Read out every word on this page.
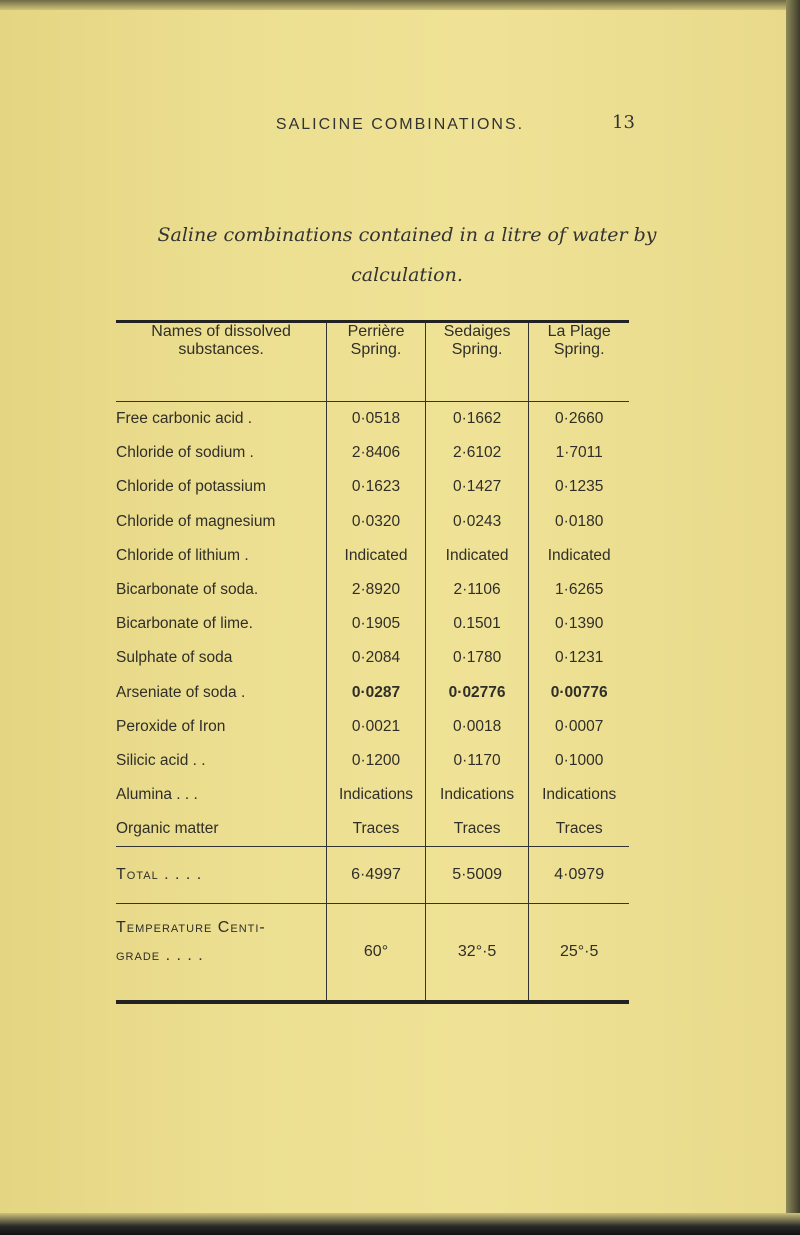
SALICINE COMBINATIONS.	13
Saline combinations contained in a litre of water by
calculation.
Names of dissolved substances.	Perrière Spring.	Sedaiges Spring.	La Plage Spring.
Free carbonic acid .	0·0518	0·1662	0·2660
Chloride of sodium .	2·8406	2·6102	1·7011
Chloride of potassium	0·1623	0·1427	0·1235
Chloride of magnesium	0·0320	0·0243	0·0180
Chloride of lithium .	Indicated	Indicated	Indicated
Bicarbonate of soda.	2·8920	2·1106	1·6265
Bicarbonate of lime.	0·1905	0.1501	0·1390
Sulphate of soda	0·2084	0·1780	0·1231
Arseniate of soda .	0·0287	0·02776	0·00776
Peroxide of Iron	0·0021	0·0018	0·0007
Silicic acid . .	0·1200	0·1170	0·1000
Alumina . . .	Indications	Indications	Indications
Organic matter	Traces	Traces	Traces
Total . . . .	6·4997	5·5009	4·0979

Temperature Centi-
grade . . . .	60°	32°·5	25°·5
